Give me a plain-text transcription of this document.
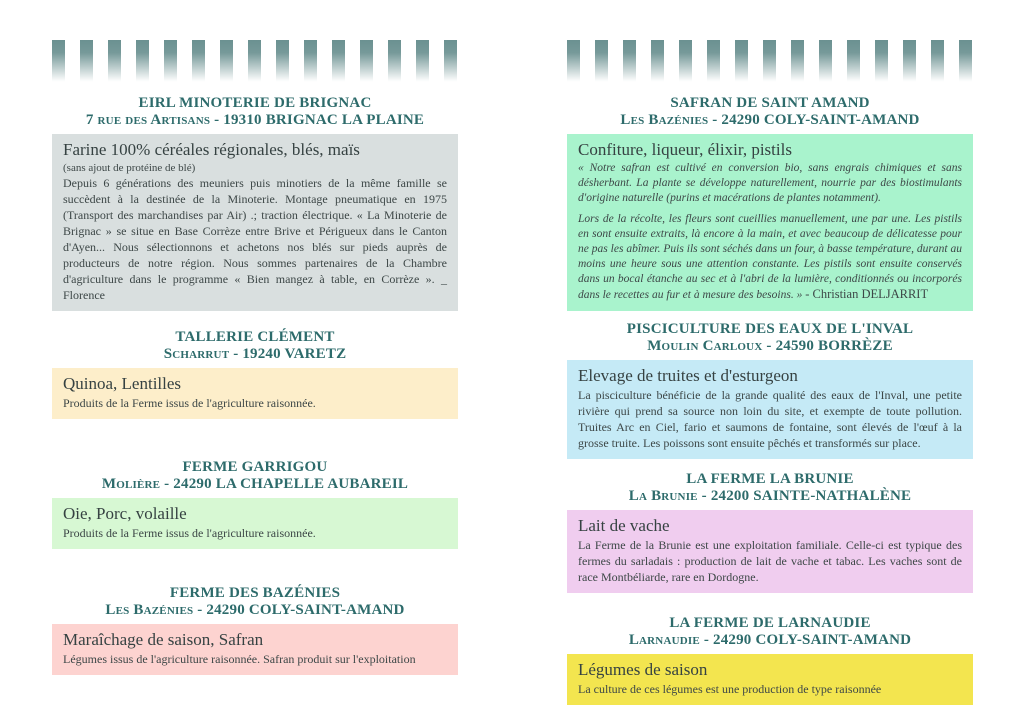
EIRL MINOTERIE DE BRIGNAC
7 rue des Artisans - 19310 BRIGNAC LA PLAINE
Farine 100% céréales régionales, blés, maïs
(sans ajout de protéine de blé)

Depuis 6 générations des meuniers puis minotiers de la même famille se succèdent à la destinée de la Minoterie. Montage pneumatique en 1975 (Transport des marchandises par Air) .; traction électrique. « La Minoterie de Brignac » se situe en Base Corrèze entre Brive et Périgueux dans le Canton d'Ayen... Nous sélectionnons et achetons nos blés sur pieds auprès de producteurs de notre région. Nous sommes partenaires de la Chambre d'agriculture dans le programme « Bien mangez à table, en Corrèze ». _ Florence

TALLERIE CLÉMENT
Scharrut - 19240 VARETZ
Quinoa, Lentilles

Produits de la Ferme issus de l'agriculture raisonnée.

FERME GARRIGOU
Molière - 24290 LA CHAPELLE AUBAREIL
Oie, Porc, volaille

Produits de la Ferme issus de l'agriculture raisonnée.

FERME DES BAZÉNIES
Les Bazénies - 24290 COLY-SAINT-AMAND
Maraîchage de saison, Safran

Légumes issus de l'agriculture raisonnée. Safran produit sur l'exploitation

SAFRAN DE SAINT AMAND
Les Bazénies - 24290 COLY-SAINT-AMAND
Confiture, liqueur, élixir, pistils

« Notre safran est cultivé en conversion bio, sans engrais chimiques et sans désherbant. La plante se développe naturellement, nourrie par des biostimulants d'origine naturelle (purins et macérations de plantes notamment).

Lors de la récolte, les fleurs sont cueillies manuellement, une par une. Les pistils en sont ensuite extraits, là encore à la main, et avec beaucoup de délicatesse pour ne pas les abîmer. Puis ils sont séchés dans un four, à basse température, durant au moins une heure sous une attention constante. Les pistils sont ensuite conservés dans un bocal étanche au sec et à l'abri de la lumière, conditionnés ou incorporés dans le recettes au fur et à mesure des besoins. » - Christian DELJARRIT

PISCICULTURE DES EAUX DE L'INVAL
Moulin Carloux - 24590 BORRÈZE
Elevage de truites et d'esturgeon

La pisciculture bénéficie de la grande qualité des eaux de l'Inval, une petite rivière qui prend sa source non loin du site, et exempte de toute pollution. Truites Arc en Ciel, fario et saumons de fontaine, sont élevés de l'œuf à la grosse truite. Les poissons sont ensuite pêchés et transformés sur place.

LA FERME LA BRUNIE
La Brunie - 24200 SAINTE-NATHALÈNE
Lait de vache

La Ferme de la Brunie est une exploitation familiale. Celle-ci est typique des fermes du sarladais : production de lait de vache et tabac. Les vaches sont de race Montbéliarde, rare en Dordogne.

LA FERME DE LARNAUDIE
Larnaudie - 24290 COLY-SAINT-AMAND
Légumes de saison

La culture de ces légumes est une production de type raisonnée
